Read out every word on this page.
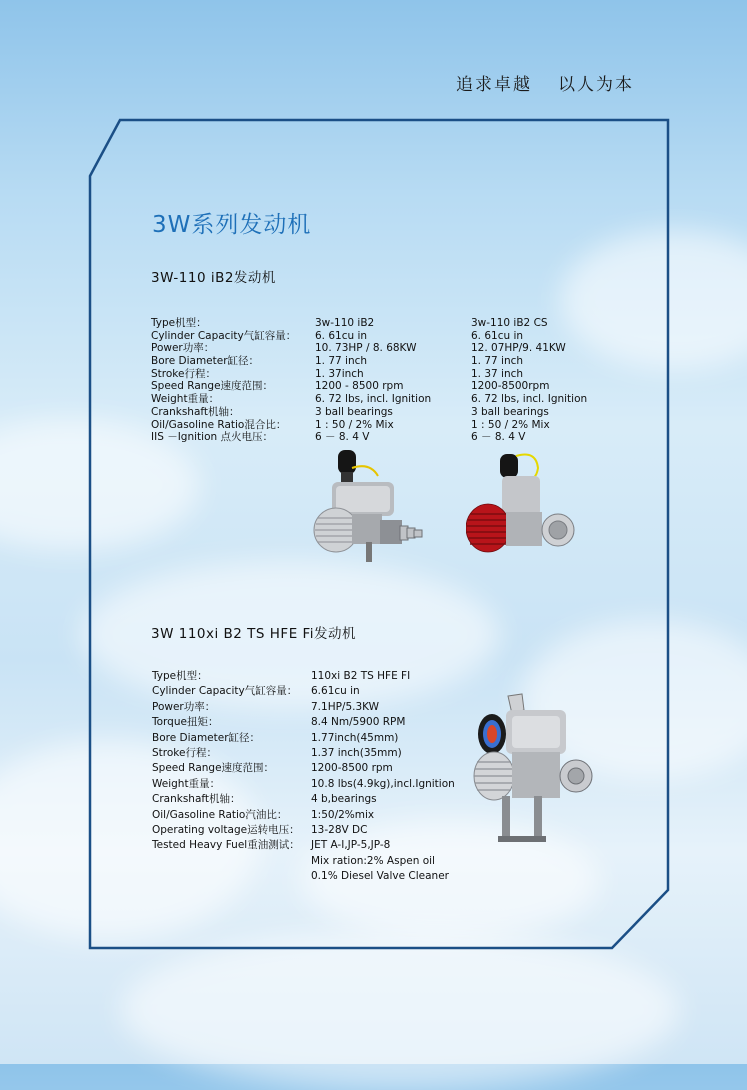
追求卓越 以人为本
3W系列发动机
3W-110 iB2发动机
Type机型：
Cylinder Capacity气缸容量：
Power功率：
Bore Diameter缸径：
Stroke行程：
Speed Range速度范围：
Weight重量：
Crankshaft机轴：
Oil/Gasoline Ratio混合比：
IIS －Ignition 点火电压：
3w-110 iB2
6. 61cu in
10. 73HP / 8. 68KW
1. 77 inch
1. 37inch
1200 - 8500 rpm
6. 72 lbs, incl. Ignition
3 ball bearings
1 : 50 / 2% Mix
6 － 8. 4 V
3w-110 iB2 CS
6. 61cu in
12. 07HP/9. 41KW
1. 77 inch
1. 37 inch
1200-8500rpm
6. 72 lbs, incl. Ignition
3 ball bearings
1 : 50 / 2% Mix
6 － 8. 4 V
3W 110xi B2 TS HFE Fi发动机
Type机型：
Cylinder Capacity气缸容量：
Power功率：
Torque扭矩：
Bore Diameter缸径：
Stroke行程：
Speed Range速度范围：
Weight重量：
Crankshaft机轴：
Oil/Gasoline Ratio汽油比：
Operating voltage运转电压：
Tested Heavy Fuel重油测试：
110xi B2 TS HFE FI
6.61cu in
7.1HP/5.3KW
8.4 Nm/5900 RPM
1.77inch(45mm)
1.37 inch(35mm)
1200-8500 rpm
10.8 lbs(4.9kg),incl.Ignition
4 b,bearings
1:50/2%mix
13-28V DC
JET A-I,JP-5,JP-8
Mix ration:2% Aspen oil
0.1% Diesel Valve Cleaner
